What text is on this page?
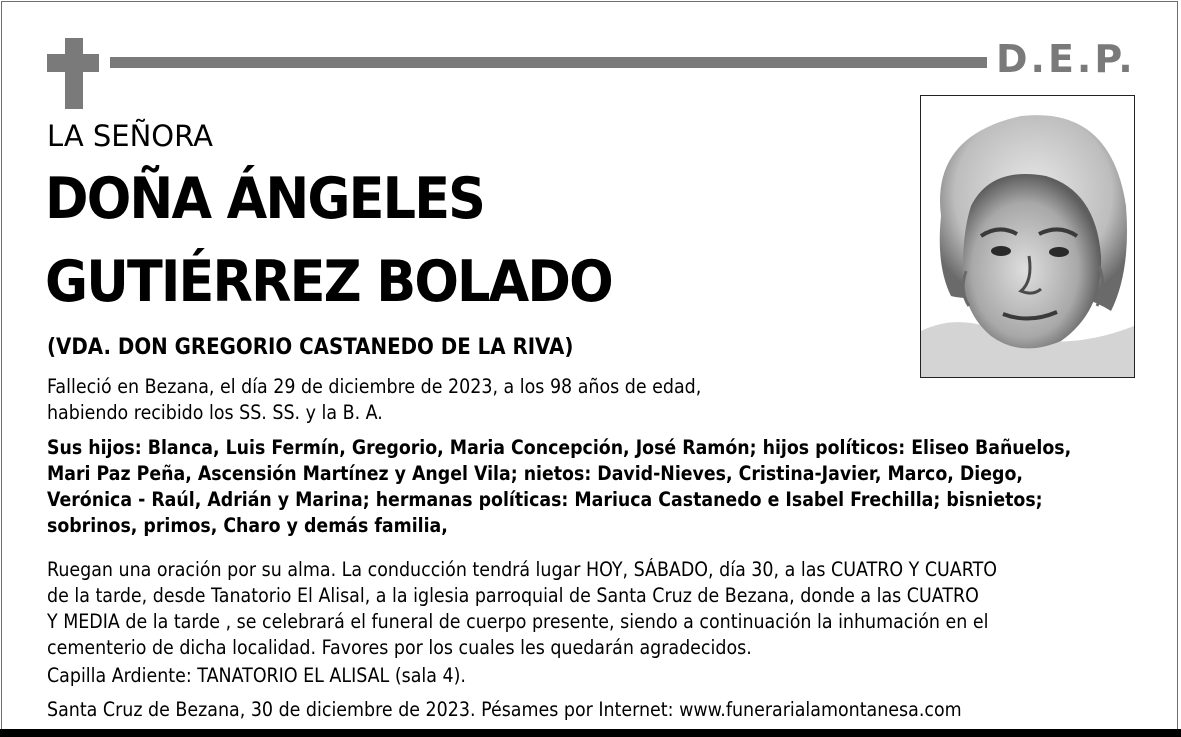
D.E.P.
LA SEÑORA
DOÑA ÁNGELES
GUTIÉRREZ BOLADO
(VDA. DON GREGORIO CASTANEDO DE LA RIVA)
Falleció en Bezana, el día 29 de diciembre de 2023, a los 98 años de edad,
habiendo recibido los SS. SS. y la B. A.
Sus hijos: Blanca, Luis Fermín, Gregorio, Maria Concepción, José Ramón; hijos políticos: Eliseo Bañuelos,
Mari Paz Peña, Ascensión Martínez y Angel Vila; nietos: David-Nieves, Cristina-Javier, Marco, Diego,
Verónica - Raúl, Adrián y Marina; hermanas políticas: Mariuca Castanedo e Isabel Frechilla; bisnietos;
sobrinos, primos, Charo y demás familia,
Ruegan una oración por su alma. La conducción tendrá lugar HOY, SÁBADO, día 30, a las CUATRO Y CUARTO
de la tarde, desde Tanatorio El Alisal, a la iglesia parroquial de Santa Cruz de Bezana, donde a las CUATRO
Y MEDIA de la tarde , se celebrará el funeral de cuerpo presente, siendo a continuación la inhumación en el
cementerio de dicha localidad. Favores por los cuales les quedarán agradecidos.
Capilla Ardiente: TANATORIO EL ALISAL (sala 4).
Santa Cruz de Bezana, 30 de diciembre de 2023. Pésames por Internet: www.funerarialamontanesa.com
